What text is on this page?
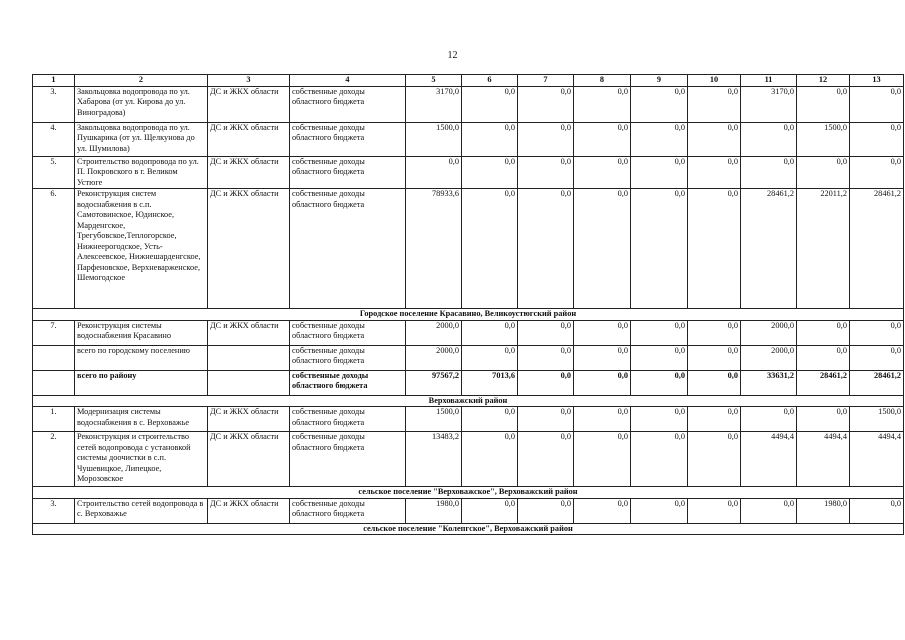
12
1	2	3	4	5	6	7	8	9	10	11	12	13
3.	Закольцовка водопровода по ул. Хабарова (от ул. Кирова до ул. Виноградова)	ДС и ЖКХ области	собственные доходы областного бюджета	3170,0	0,0	0,0	0,0	0,0	0,0	3170,0	0,0	0,0
4.	Закольцовка водопровода по ул. Пушкарика (от ул. Щелкунова до ул. Шумилова)	ДС и ЖКХ области	собственные доходы областного бюджета	1500,0	0,0	0,0	0,0	0,0	0,0	0,0	1500,0	0,0
5.	Строительство водопровода по ул. П. Покровского в г. Великом Устюге	ДС и ЖКХ области	собственные доходы областного бюджета	0,0	0,0	0,0	0,0	0,0	0,0	0,0	0,0	0,0
6.	Реконструкция систем водоснабжения в с.п. Самотовинское, Юдинское, Марденгское, Трегубовское,Теплогорское, Нижнеерогодское, Усть-Алексеевское, Нижнешарденгское, Парфеновское, Верхневарженское, Шемогодское	ДС и ЖКХ области	собственные доходы областного бюджета	78933,6	0,0	0,0	0,0	0,0	0,0	28461,2	22011,2	28461,2
Городское поселение Красавино, Великоустюгский район												
7.	Реконструкция системы водоснабжения Красавино	ДС и ЖКХ области	собственные доходы областного бюджета	2000,0	0,0	0,0	0,0	0,0	0,0	2000,0	0,0	0,0
	всего по городскому поселению		собственные доходы областного бюджета	2000,0	0,0	0,0	0,0	0,0	0,0	2000,0	0,0	0,0
	всего по району		собственные доходы областного бюджета	97567,2	7013,6	0,0	0,0	0,0	0,0	33631,2	28461,2	28461,2
Верховажский район												
1.	Модернизация системы водоснабжения в с. Верховажье	ДС и ЖКХ области	собственные доходы областного бюджета	1500,0	0,0	0,0	0,0	0,0	0,0	0,0	0,0	1500,0
2.	Реконструкция и строительство сетей водопровода с установкой системы доочистки в с.п. Чушевицкое, Липецкое, Морозовское	ДС и ЖКХ области	собственные доходы областного бюджета	13483,2	0,0	0,0	0,0	0,0	0,0	4494,4	4494,4	4494,4
сельское поселение "Верховажское", Верховажский район												
3.	Строительство сетей водопровода в с. Верховажье	ДС и ЖКХ области	собственные доходы областного бюджета	1980,0	0,0	0,0	0,0	0,0	0,0	0,0	1980,0	0,0
сельское поселение "Колепгское", Верховажский район												
